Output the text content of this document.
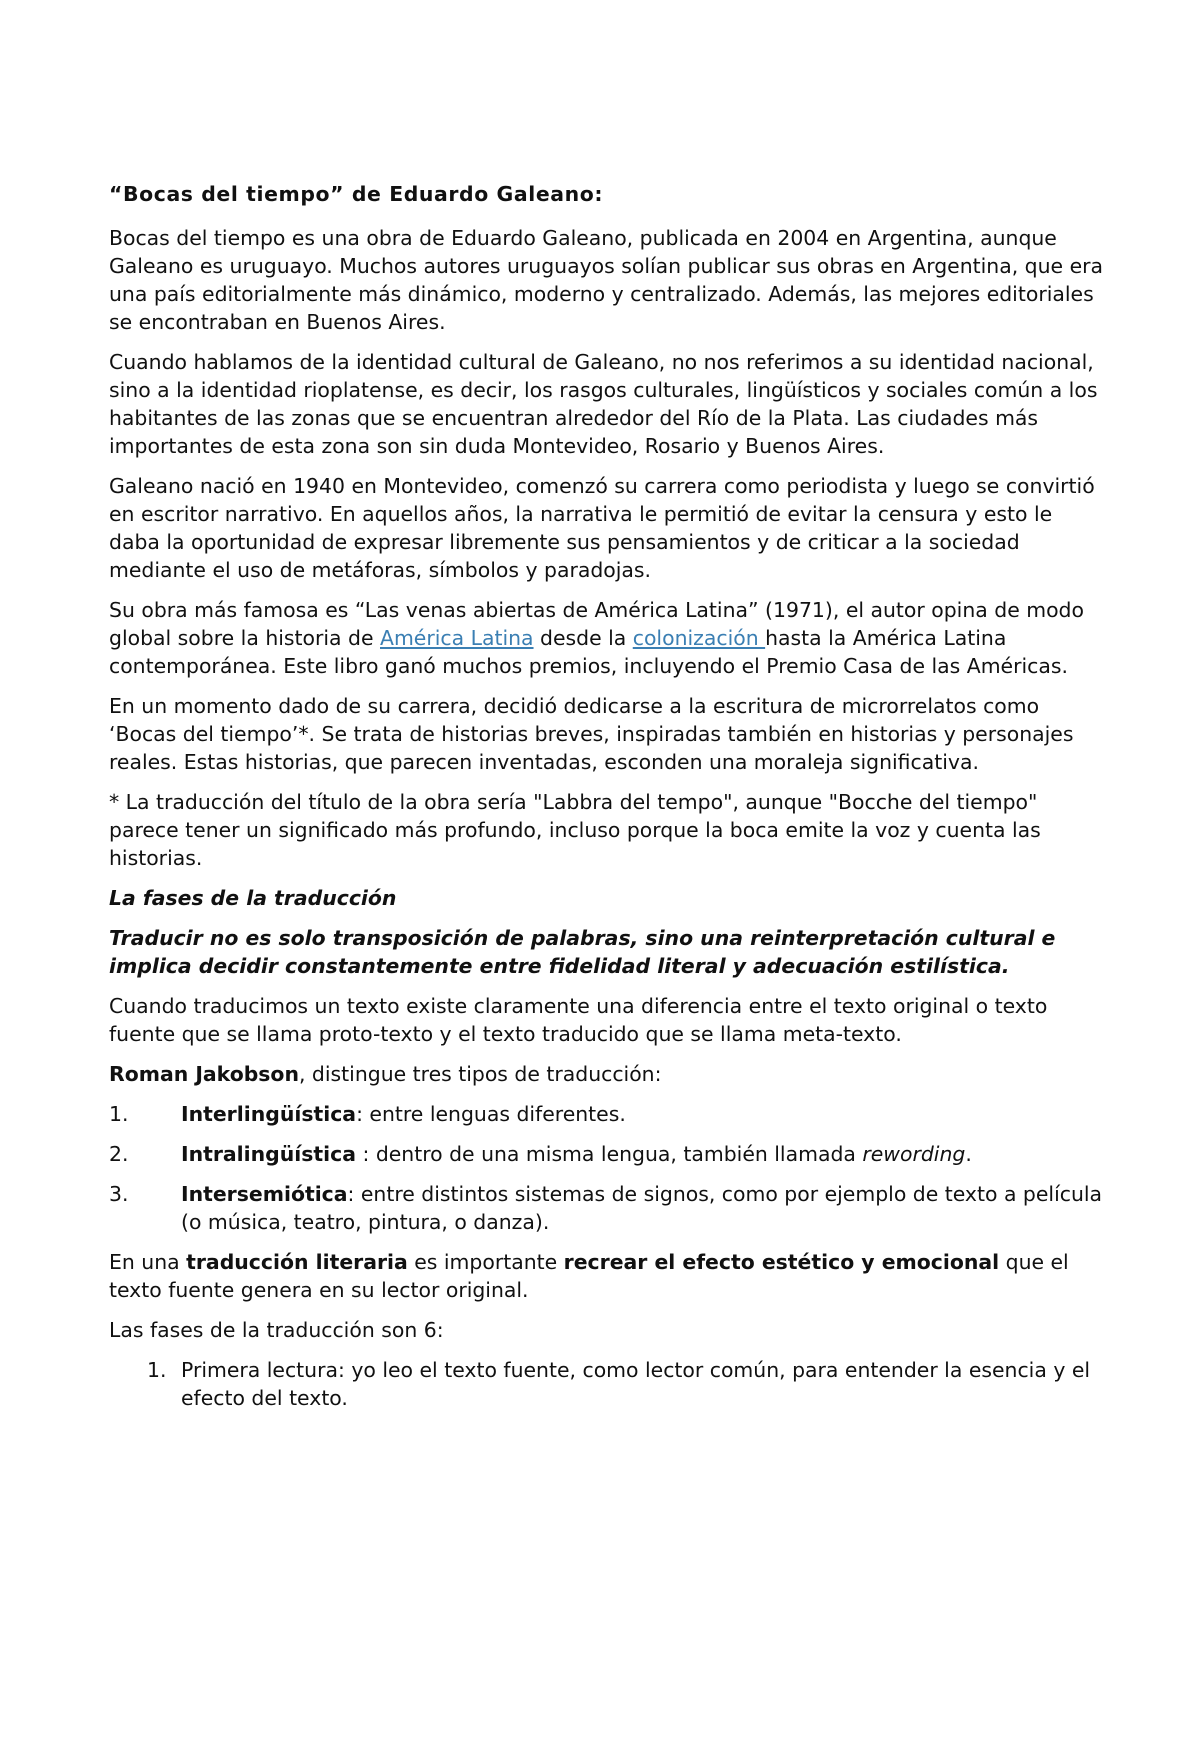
“Bocas del tiempo” de Eduardo Galeano:

Bocas del tiempo es una obra de Eduardo Galeano, publicada en 2004 en Argentina, aunque Galeano es uruguayo. Muchos autores uruguayos solían publicar sus obras en Argentina, que era una país editorialmente más dinámico, moderno y centralizado. Además, las mejores editoriales se encontraban en Buenos Aires.

Cuando hablamos de la identidad cultural de Galeano, no nos referimos a su identidad nacional, sino a la identidad rioplatense, es decir, los rasgos culturales, lingüísticos y sociales común a los habitantes de las zonas que se encuentran alrededor del Río de la Plata. Las ciudades más importantes de esta zona son sin duda Montevideo, Rosario y Buenos Aires.

Galeano nació en 1940 en Montevideo, comenzó su carrera como periodista y luego se convirtió en escritor narrativo. En aquellos años, la narrativa le permitió de evitar la censura y esto le daba la oportunidad de expresar libremente sus pensamientos y de criticar a la sociedad mediante el uso de metáforas, símbolos y paradojas.

Su obra más famosa es “Las venas abiertas de América Latina” (1971), el autor opina de modo global sobre la historia de América Latina desde la colonización hasta la América Latina contemporánea. Este libro ganó muchos premios, incluyendo el Premio Casa de las Américas.

En un momento dado de su carrera, decidió dedicarse a la escritura de microrrelatos como ‘Bocas del tiempo’*. Se trata de historias breves, inspiradas también en historias y personajes reales. Estas historias, que parecen inventadas, esconden una moraleja significativa.

* La traducción del título de la obra sería "Labbra del tempo", aunque "Bocche del tiempo" parece tener un significado más profundo, incluso porque la boca emite la voz y cuenta las historias.

La fases de la traducción

Traducir no es solo transposición de palabras, sino una reinterpretación cultural e implica decidir constantemente entre fidelidad literal y adecuación estilística.

Cuando traducimos un texto existe claramente una diferencia entre el texto original o texto fuente que se llama proto-texto y el texto traducido que se llama meta-texto.

Roman Jakobson, distingue tres tipos de traducción:

1.	Interlingüística: entre lenguas diferentes.
2.	Intralingüística : dentro de una misma lengua, también llamada rewording.
3.	Intersemiótica: entre distintos sistemas de signos, como por ejemplo de texto a película (o música, teatro, pintura, o danza).

En una traducción literaria es importante recrear el efecto estético y emocional que el texto fuente genera en su lector original.

Las fases de la traducción son 6:

1. Primera lectura: yo leo el texto fuente, como lector común, para entender la esencia y el efecto del texto.
